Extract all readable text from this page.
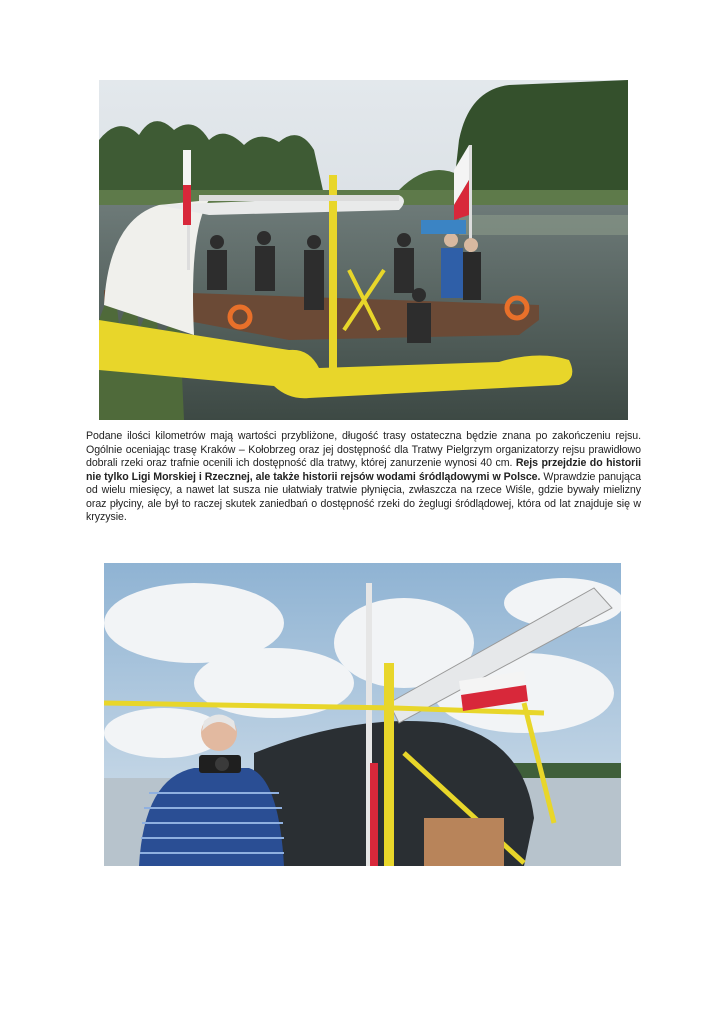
Podane ilości kilometrów mają wartości przybliżone, długość trasy ostateczna będzie znana po zakończeniu rejsu. Ogólnie oceniając trasę Kraków – Kołobrzeg oraz jej dostępność dla Tratwy Pielgrzym organizatorzy rejsu prawidłowo dobrali rzeki oraz trafnie ocenili ich dostępność dla tratwy, której zanurzenie wynosi 40 cm. Rejs przejdzie do historii nie tylko Ligi Morskiej i Rzecznej, ale także historii rejsów wodami śródlądowymi w Polsce. Wprawdzie panująca od wielu miesięcy, a nawet lat susza nie ułatwiały tratwie płynięcia, zwłaszcza na rzece Wiśle, gdzie bywały mielizny oraz płyciny, ale był to raczej skutek zaniedbań o dostępność rzeki do żeglugi śródlądowej, która od lat znajduje się w kryzysie.
